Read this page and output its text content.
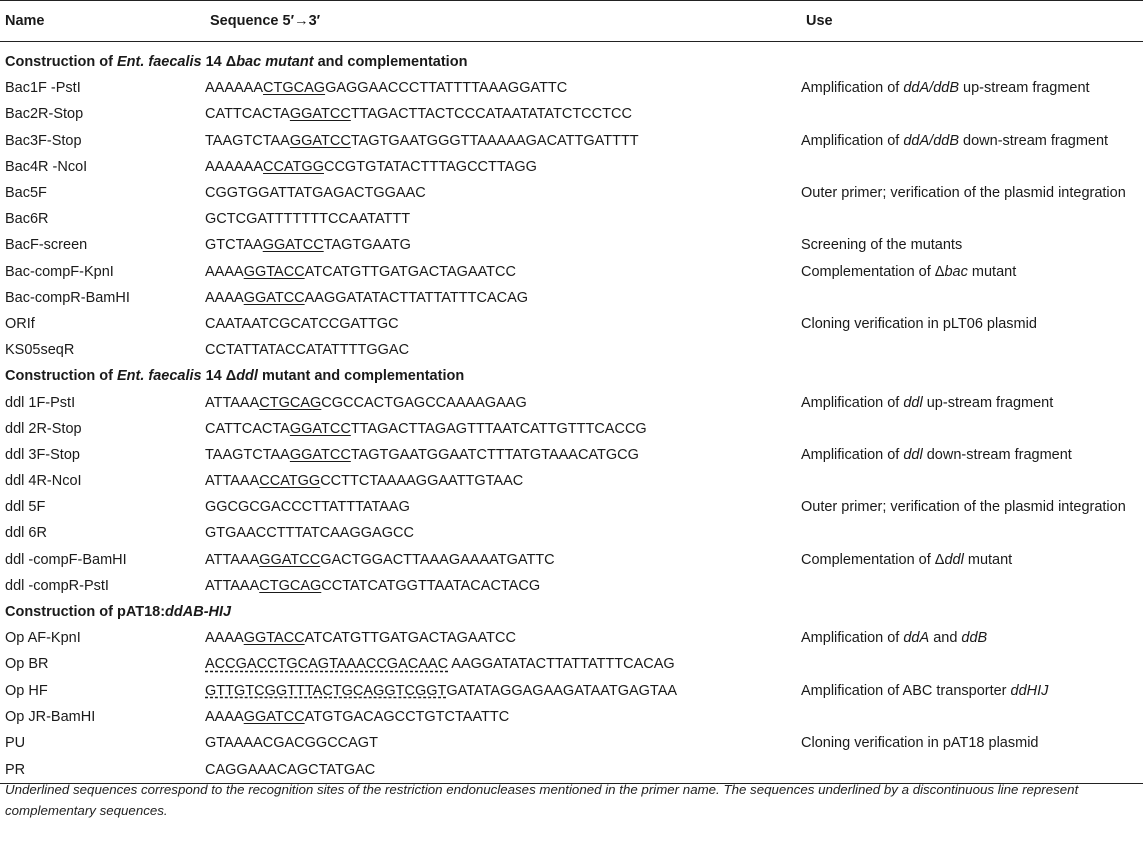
Name	Sequence 5′→3′	Use
Construction of Ent. faecalis 14 Δbac mutant and complementation		
Bac1F -PstI	AAAAAACTGCAGGAGGAACCCTTATTTTAAAGGATTC	Amplification of ddA/ddB up-stream fragment
Bac2R-Stop	CATTCACTAGGATCCTTAGACTTACTCCCATAATATATCTCCTCC	
Bac3F-Stop	TAAGTCTAAGGATCCTAGTGAATGGGTTAAAAAGACATTGATTTT	Amplification of ddA/ddB down-stream fragment
Bac4R -NcoI	AAAAAACCATGGCCGTGTATACTTTAGCCTTAGG	
Bac5F	CGGTGGATTATGAGACTGGAAC	Outer primer; verification of the plasmid integration
Bac6R	GCTCGATTTTTTTCCAATATTT	
BacF-screen	GTCTAAGGATCCTAGTGAATG	Screening of the mutants
Bac-compF-KpnI	AAAAGGTACCATCATGTTGATGACTAGAATCC	Complementation of Δbac mutant
Bac-compR-BamHI	AAAAGGATCCAAGGATATACTTATTATTTCACAG	
ORIf	CAATAATCGCATCCGATTGC	Cloning verification in pLT06 plasmid
KS05seqR	CCTATTATACCATATTTTGGAC	
Construction of Ent. faecalis 14 Δddl mutant and complementation		
ddl 1F-PstI	ATTAAACTGCAGCGCCACTGAGCCAAAAGAAG	Amplification of ddl up-stream fragment
ddl 2R-Stop	CATTCACTAGGATCCTTAGACTTAGAGTTTAATCATTGTTTCACCG	
ddl 3F-Stop	TAAGTCTAAGGATCCTAGTGAATGGAATCTTTATGTAAACATGCG	Amplification of ddl down-stream fragment
ddl 4R-NcoI	ATTAAACCATGGCCTTCTAAAAGGAATTGTAAC	
ddl 5F	GGCGCGACCCTTATTTATAAG	Outer primer; verification of the plasmid integration
ddl 6R	GTGAACCTTTATCAAGGAGCC	
ddl -compF-BamHI	ATTAAAGGATCCGACTGGACTTAAAGAAAATGATTC	Complementation of Δddl mutant
ddl -compR-PstI	ATTAAACTGCAGCCTATCATGGTTAATACACTACG	
Construction of pAT18:ddAB-HIJ		
Op AF-KpnI	AAAAGGTACCATCATGTTGATGACTAGAATCC	Amplification of ddA and ddB
Op BR	ACCGACCTGCAGTAAACCGACAAC AAGGATATACTTATTATTTCACAG	
Op HF	GTTGTCGGTTTACTGCAGGTCGGTGATATAGGAGAAGATAATGAGTAA	Amplification of ABC transporter ddHIJ
Op JR-BamHI	AAAAGGATCCATGTGACAGCCTGTCTAATTC	
PU	GTAAAACGACGGCCAGT	Cloning verification in pAT18 plasmid
PR	CAGGAAACAGCTATGAC	
Underlined sequences correspond to the recognition sites of the restriction endonucleases mentioned in the primer name. The sequences underlined by a discontinuous line represent complementary sequences.
